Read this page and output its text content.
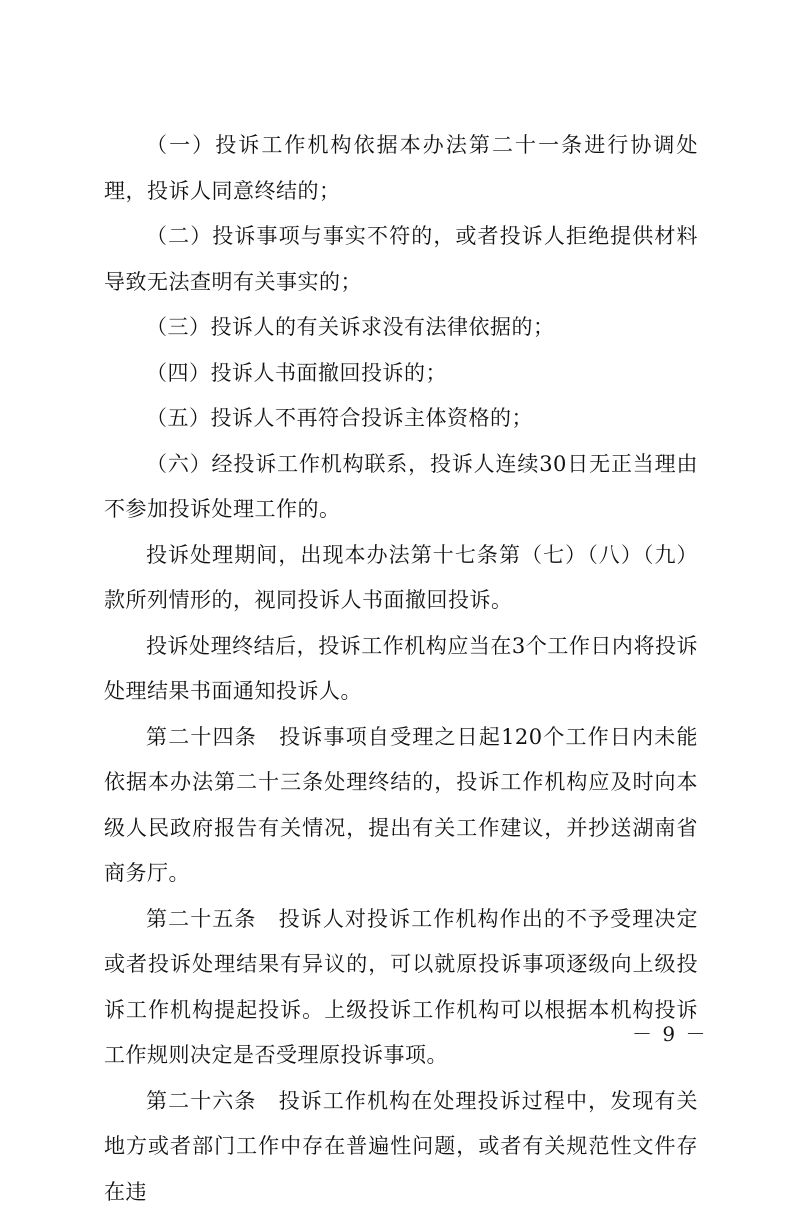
（一）投诉工作机构依据本办法第二十一条进行协调处理，投诉人同意终结的；

（二）投诉事项与事实不符的，或者投诉人拒绝提供材料导致无法查明有关事实的；

（三）投诉人的有关诉求没有法律依据的；

（四）投诉人书面撤回投诉的；

（五）投诉人不再符合投诉主体资格的；

（六）经投诉工作机构联系，投诉人连续30日无正当理由不参加投诉处理工作的。

投诉处理期间，出现本办法第十七条第（七）（八）（九）款所列情形的，视同投诉人书面撤回投诉。

投诉处理终结后，投诉工作机构应当在3个工作日内将投诉处理结果书面通知投诉人。

第二十四条　投诉事项自受理之日起120个工作日内未能依据本办法第二十三条处理终结的，投诉工作机构应及时向本级人民政府报告有关情况，提出有关工作建议，并抄送湖南省商务厅。

第二十五条　投诉人对投诉工作机构作出的不予受理决定或者投诉处理结果有异议的，可以就原投诉事项逐级向上级投诉工作机构提起投诉。上级投诉工作机构可以根据本机构投诉工作规则决定是否受理原投诉事项。

第二十六条　投诉工作机构在处理投诉过程中，发现有关地方或者部门工作中存在普遍性问题，或者有关规范性文件存在违

－ 9 －
